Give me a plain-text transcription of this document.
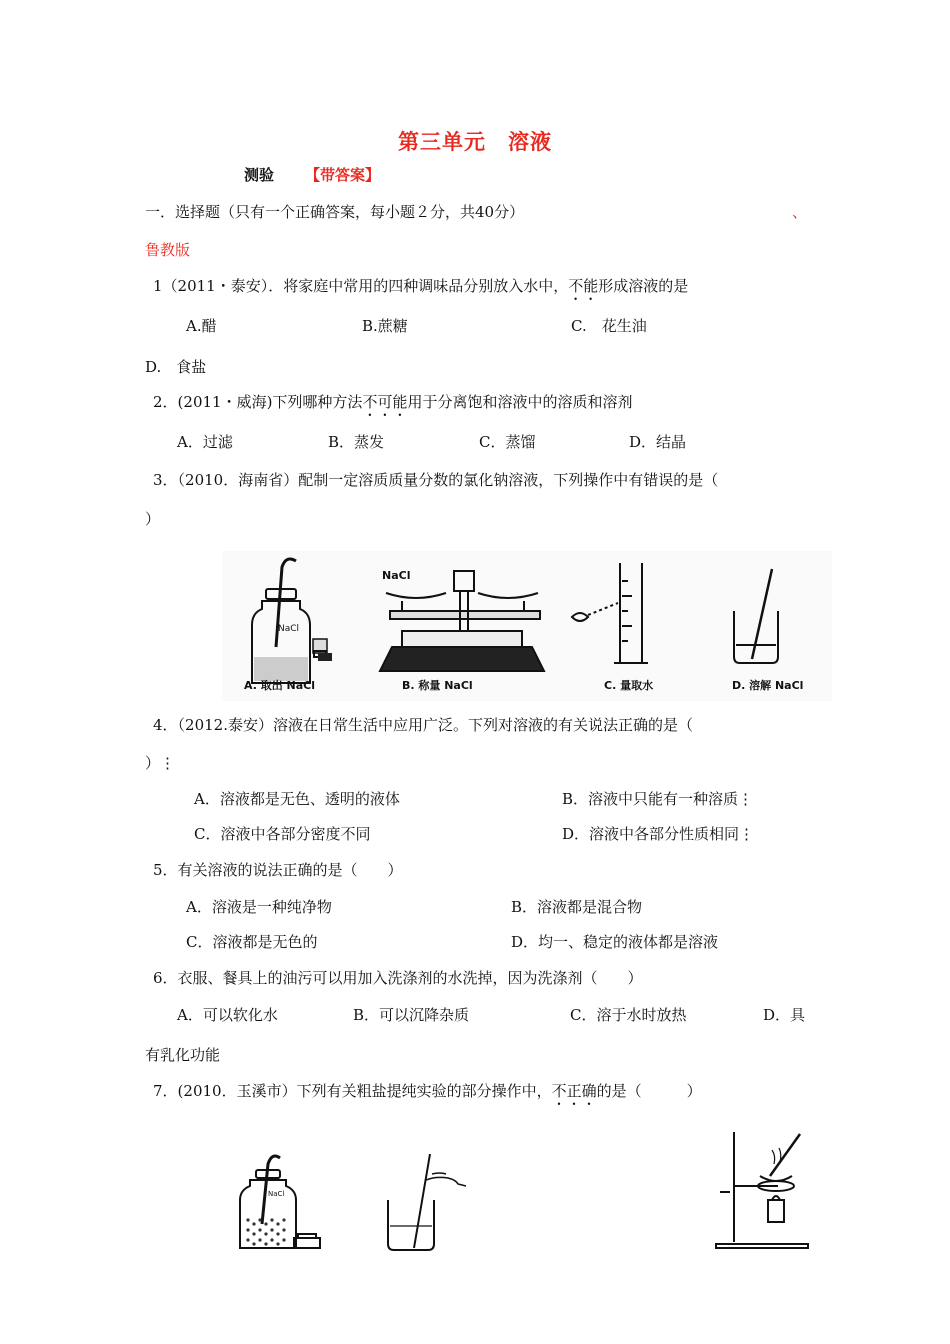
第三单元　溶液
测验 【带答案】
一．选择题（只有一个正确答案，每小题２分，共40分）	、
鲁教版
1（2011・泰安）．将家庭中常用的四种调味品分别放入水中，不能形成溶液的是
A.醋	B.蔗糖	C.　花生油
D.　食盐
2．(2011・威海)下列哪种方法不可能用于分离饱和溶液中的溶质和溶剂
A．过滤	B．蒸发	C．蒸馏	D．结晶
3．（2010．海南省）配制一定溶质质量分数的氯化钠溶液，下列操作中有错误的是（
）
NaCl
NaCl
A. 取出 NaCl	B. 称量 NaCl	C. 量取水	D. 溶解 NaCl
4．（2012.泰安）溶液在日常生活中应用广泛。下列对溶液的有关说法正确的是（
）⋮
A．溶液都是无色、透明的液体	B．溶液中只能有一种溶质⋮
C．溶液中各部分密度不同	D．溶液中各部分性质相同⋮
5．有关溶液的说法正确的是（　　）
A．溶液是一种纯净物	B．溶液都是混合物
C．溶液都是无色的	D．均一、稳定的液体都是溶液
6．衣服、餐具上的油污可以用加入洗涤剂的水洗掉，因为洗涤剂（　　）
A．可以软化水	B．可以沉降杂质	C．溶于水时放热	D．具
有乳化功能
7．(2010．玉溪市）下列有关粗盐提纯实验的部分操作中，不正确的是（　　　）
NaCl
